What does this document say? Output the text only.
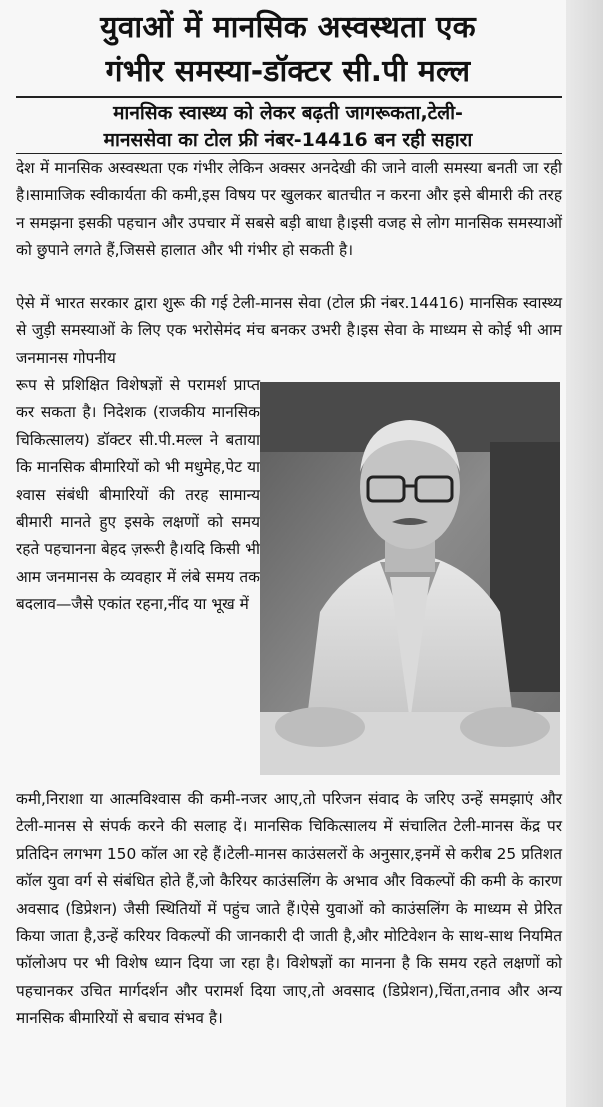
युवाओं में मानसिक अस्वस्थता एक
गंभीर समस्या-डॉक्टर सी.पी मल्ल
मानसिक स्वास्थ्य को लेकर बढ़ती जागरूकता,टेली-
मानससेवा का टोल फ्री नंबर-14416 बन रही सहारा
देश में मानसिक अस्वस्थता एक गंभीर लेकिन अक्सर अनदेखी की जाने वाली समस्या बनती जा रही है।सामाजिक स्वीकार्यता की कमी,इस विषय पर खुलकर बातचीत न करना और इसे बीमारी की तरह न समझना इसकी पहचान और उपचार में सबसे बड़ी बाधा है।इसी वजह से लोग मानसिक समस्याओं को छुपाने लगते हैं,जिससे हालात और भी गंभीर हो सकती है।
ऐसे में भारत सरकार द्वारा शुरू की गई टेली-मानस सेवा (टोल फ्री नंबर.14416) मानसिक स्वास्थ्य से जुड़ी समस्याओं के लिए एक भरोसेमंद मंच बनकर उभरी है।इस सेवा के माध्यम से कोई भी आम जनमानस गोपनीय
रूप से प्रशिक्षित विशेषज्ञों से परामर्श प्राप्त कर सकता है। निदेशक (राजकीय मानसिक चिकित्सालय) डॉक्टर सी.पी.मल्ल ने बताया कि मानसिक बीमारियों को भी मधुमेह,पेट या श्वास संबंधी बीमारियों की तरह सामान्य बीमारी मानते हुए इसके लक्षणों को समय रहते पहचानना बेहद ज़रूरी है।यदि किसी भी आम जनमानस के व्यवहार में लंबे समय तक बदलाव—जैसे एकांत रहना,नींद या भूख में
कमी,निराशा या आत्मविश्वास की कमी-नजर आए,तो परिजन संवाद के जरिए उन्हें समझाएं और टेली-मानस से संपर्क करने की सलाह दें। मानसिक चिकित्सालय में संचालित टेली-मानस केंद्र पर प्रतिदिन लगभग 150 कॉल आ रहे हैं।टेली-मानस काउंसलरों के अनुसार,इनमें से करीब 25 प्रतिशत कॉल युवा वर्ग से संबंधित होते हैं,जो कैरियर काउंसलिंग के अभाव और विकल्पों की कमी के कारण अवसाद (डिप्रेशन) जैसी स्थितियों में पहुंच जाते हैं।ऐसे युवाओं को काउंसलिंग के माध्यम से प्रेरित किया जाता है,उन्हें करियर विकल्पों की जानकारी दी जाती है,और मोटिवेशन के साथ-साथ नियमित फॉलोअप पर भी विशेष ध्यान दिया जा रहा है। विशेषज्ञों का मानना है कि समय रहते लक्षणों को पहचानकर उचित मार्गदर्शन और परामर्श दिया जाए,तो अवसाद (डिप्रेशन),चिंता,तनाव और अन्य मानसिक बीमारियों से बचाव संभव है।
